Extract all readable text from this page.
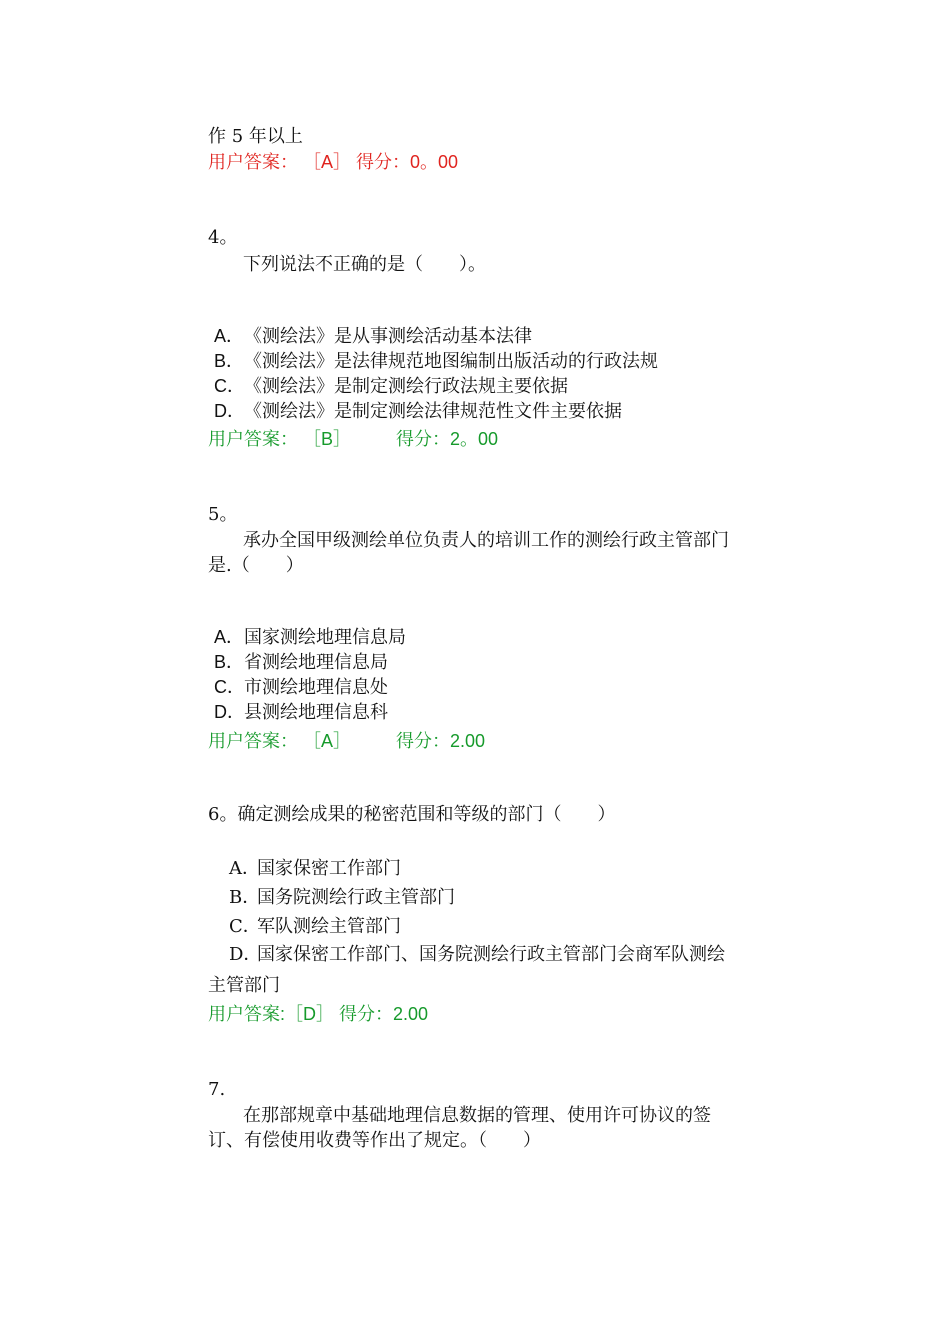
作 5 年以上
用户答案： ［A］ 得分：0。00
4。
下列说法不正确的是（　　）。
A．《测绘法》是从事测绘活动基本法律
B．《测绘法》是法律规范地图编制出版活动的行政法规
C．《测绘法》是制定测绘行政法规主要依据
D．《测绘法》是制定测绘法律规范性文件主要依据
用户答案： ［B］　　　得分：2。00
5。
承办全国甲级测绘单位负责人的培训工作的测绘行政主管部门
是.（　　）
A．国家测绘地理信息局
B．省测绘地理信息局
C．市测绘地理信息处
D．县测绘地理信息科
用户答案： ［A］　　　得分：2.00
6。确定测绘成果的秘密范围和等级的部门（　　）
A．国家保密工作部门
B．国务院测绘行政主管部门
C．军队测绘主管部门
D．国家保密工作部门、国务院测绘行政主管部门会商军队测绘
主管部门
用户答案:［D］ 得分：2.00
7.
在那部规章中基础地理信息数据的管理、使用许可协议的签
订、有偿使用收费等作出了规定。（　　）
